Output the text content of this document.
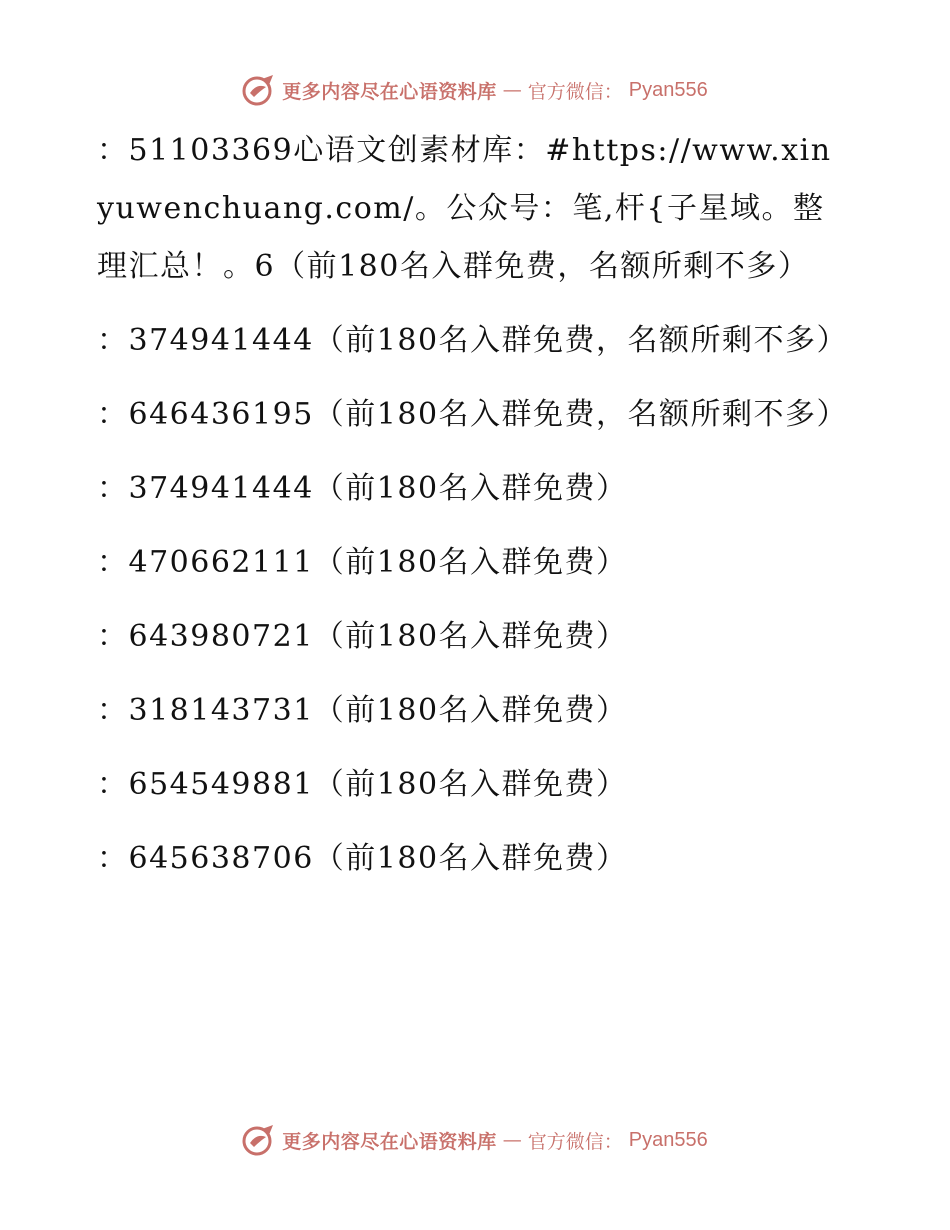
更多内容尽在心语资料库 — 官方微信： Pyan556

：51103369心语文创素材库：#https://www.xinyuwenchuang.com/。公众号：笔,杆{子星域。整理汇总！。6（前180名入群免费，名额所剩不多）

：374941444（前180名入群免费，名额所剩不多）

：646436195（前180名入群免费，名额所剩不多）

：374941444（前180名入群免费）

：470662111（前180名入群免费）

：643980721（前180名入群免费）

：318143731（前180名入群免费）

：654549881（前180名入群免费）

：645638706（前180名入群免费）

更多内容尽在心语资料库 — 官方微信： Pyan556
